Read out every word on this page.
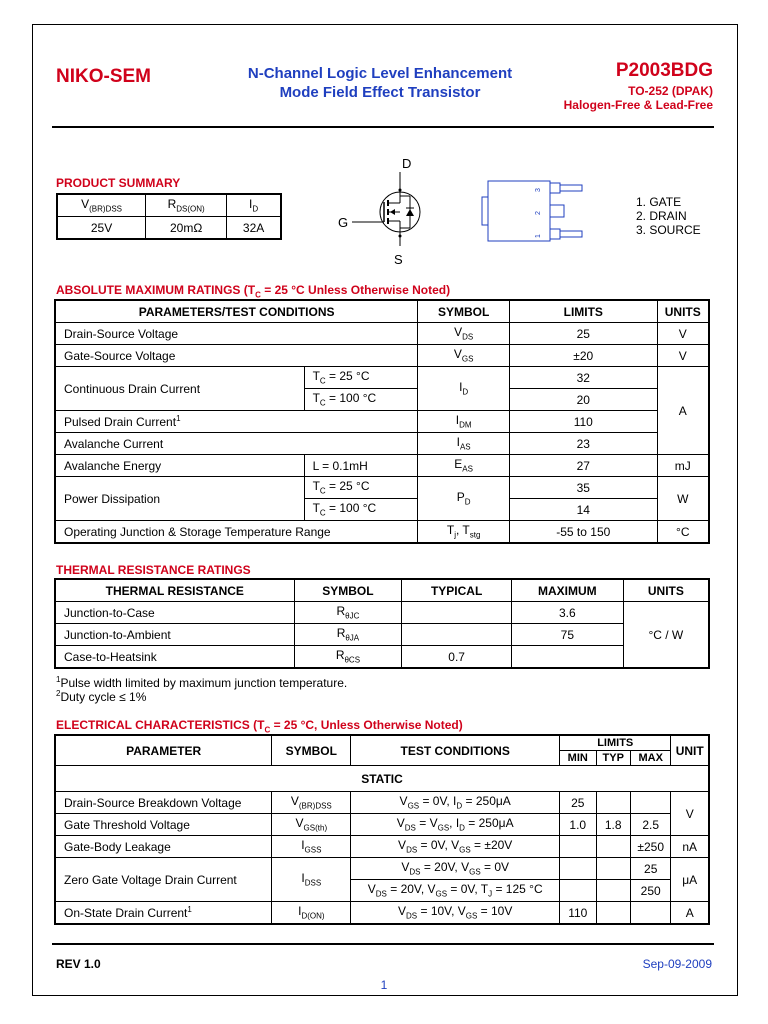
NIKO-SEM	N-Channel Logic Level Enhancement
Mode Field Effect Transistor
P2003BDG
TO-252 (DPAK)
Halogen-Free & Lead-Free
PRODUCT SUMMARY
$V_{(BR)DSS}$	$R_{DS(ON)}$	$I_D$
25V	20mΩ	32A
D
G
S
3
2
1
1. GATE
2. DRAIN
3. SOURCE
ABSOLUTE MAXIMUM RATINGS ($T_C = 25$ °C Unless Otherwise Noted)
PARAMETERS/TEST CONDITIONS		SYMBOL	LIMITS	UNITS
Drain-Source Voltage		$V_{DS}$	25	V
Gate-Source Voltage		$V_{GS}$	±20	V
Continuous Drain Current	$T_C = 25$ °C	$I_D$	32	A
	$T_C = 100$ °C		20	
Pulsed Drain Current$^1$		$I_{DM}$	110	
Avalanche Current		$I_{AS}$	23	
Avalanche Energy	L = 0.1mH	$E_{AS}$	27	mJ
Power Dissipation	$T_C = 25$ °C	$P_D$	35	W
	$T_C = 100$ °C		14	
Operating Junction & Storage Temperature Range		$T_j$, $T_{stg}$	-55 to 150	°C
THERMAL RESISTANCE RATINGS
THERMAL RESISTANCE	SYMBOL	TYPICAL	MAXIMUM	UNITS
Junction-to-Case	$R_{\theta JC}$		3.6	°C / W
Junction-to-Ambient	$R_{\theta JA}$		75	
Case-to-Heatsink	$R_{\theta CS}$	0.7		
$^1$Pulse width limited by maximum junction temperature.
$^2$Duty cycle ≤ 1%
ELECTRICAL CHARACTERISTICS ($T_C = 25$ °C, Unless Otherwise Noted)
PARAMETER	SYMBOL	TEST CONDITIONS	LIMITS			UNIT
			MIN	TYP	MAX	
STATIC						
Drain-Source Breakdown Voltage	$V_{(BR)DSS}$	$V_{GS} = 0V$, $I_D = 250\mu A$	25			V
Gate Threshold Voltage	$V_{GS(th)}$	$V_{DS} = V_{GS}$, $I_D = 250\mu A$	1.0	1.8	2.5	
Gate-Body Leakage	$I_{GSS}$	$V_{DS} = 0V$, $V_{GS} = \pm 20V$			±250	nA
Zero Gate Voltage Drain Current	$I_{DSS}$	$V_{DS} = 20V$, $V_{GS} = 0V$			25	μA
		$V_{DS} = 20V$, $V_{GS} = 0V$, $T_J = 125$ °C			250	
On-State Drain Current$^1$	$I_{D(ON)}$	$V_{DS} = 10V$, $V_{GS} = 10V$	110			A
REV 1.0	Sep-09-2009
1
